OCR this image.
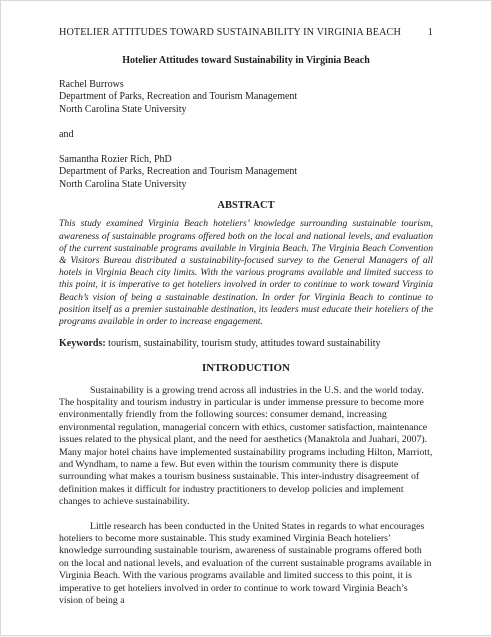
HOTELIER ATTITUDES TOWARD SUSTAINABILITY IN VIRGINIA BEACH	1
Hotelier Attitudes toward Sustainability in Virginia Beach
Rachel Burrows
Department of Parks, Recreation and Tourism Management
North Carolina State University
and
Samantha Rozier Rich, PhD
Department of Parks, Recreation and Tourism Management
North Carolina State University
ABSTRACT

This study examined Virginia Beach hoteliers’ knowledge surrounding sustainable tourism, awareness of sustainable programs offered both on the local and national levels, and evaluation of the current sustainable programs available in Virginia Beach. The Virginia Beach Convention & Visitors Bureau distributed a sustainability-focused survey to the General Managers of all hotels in Virginia Beach city limits. With the various programs available and limited success to this point, it is imperative to get hoteliers involved in order to continue to work toward Virginia Beach’s vision of being a sustainable destination. In order for Virginia Beach to continue to position itself as a premier sustainable destination, its leaders must educate their hoteliers of the programs available in order to increase engagement.

Keywords: tourism, sustainability, tourism study, attitudes toward sustainability

INTRODUCTION

Sustainability is a growing trend across all industries in the U.S. and the world today. The hospitality and tourism industry in particular is under immense pressure to become more environmentally friendly from the following sources: consumer demand, increasing environmental regulation, managerial concern with ethics, customer satisfaction, maintenance issues related to the physical plant, and the need for aesthetics (Manaktola and Juahari, 2007). Many major hotel chains have implemented sustainability programs including Hilton, Marriott, and Wyndham, to name a few. But even within the tourism community there is dispute surrounding what makes a tourism business sustainable. This inter-industry disagreement of definition makes it difficult for industry practitioners to develop policies and implement changes to achieve sustainability.

Little research has been conducted in the United States in regards to what encourages hoteliers to become more sustainable. This study examined Virginia Beach hoteliers’ knowledge surrounding sustainable tourism, awareness of sustainable programs offered both on the local and national levels, and evaluation of the current sustainable programs available in Virginia Beach. With the various programs available and limited success to this point, it is imperative to get hoteliers involved in order to continue to work toward Virginia Beach’s vision of being a
